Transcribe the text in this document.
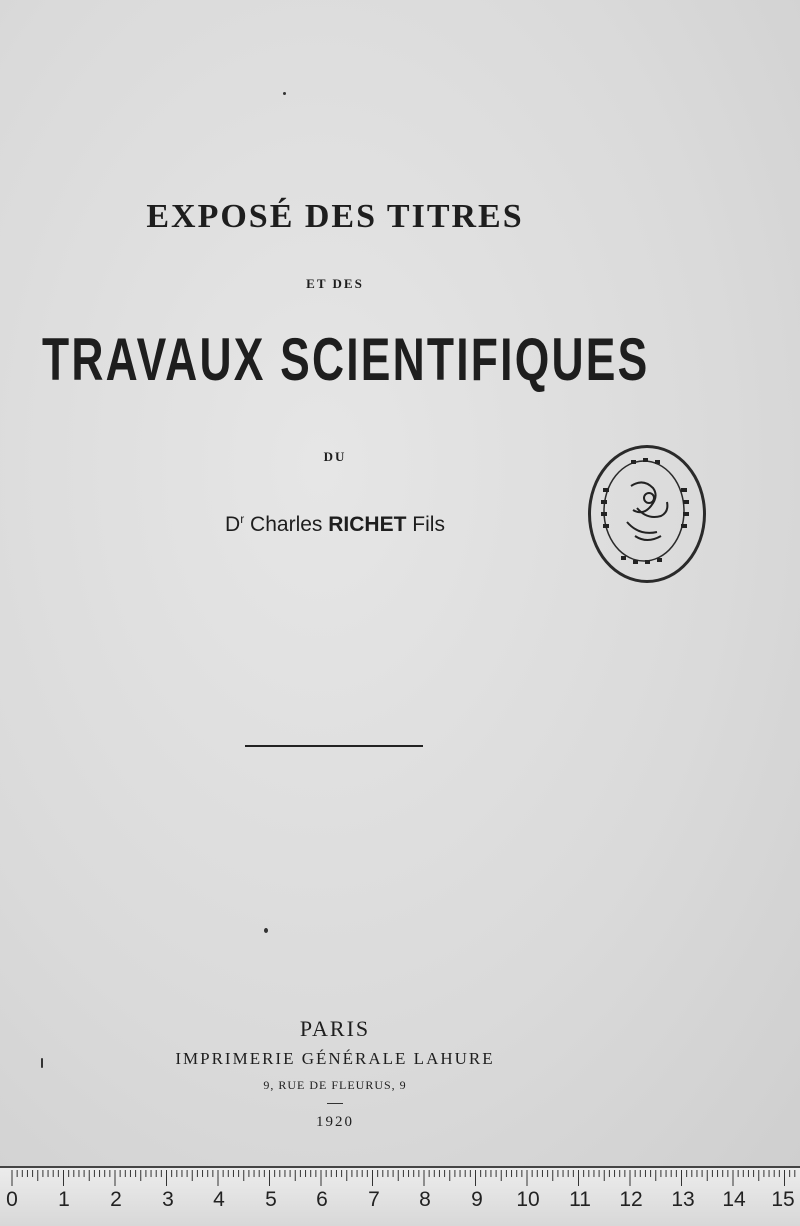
EXPOSÉ DES TITRES
ET DES
TRAVAUX SCIENTIFIQUES
DU
$D^r$ Charles RICHET Fils
PARIS
IMPRIMERIE GÉNÉRALE LAHURE
9, RUE DE FLEURUS, 9
1920
0 1 2 3 4 5 6 7 8 9 10 11 12 13 14 15
